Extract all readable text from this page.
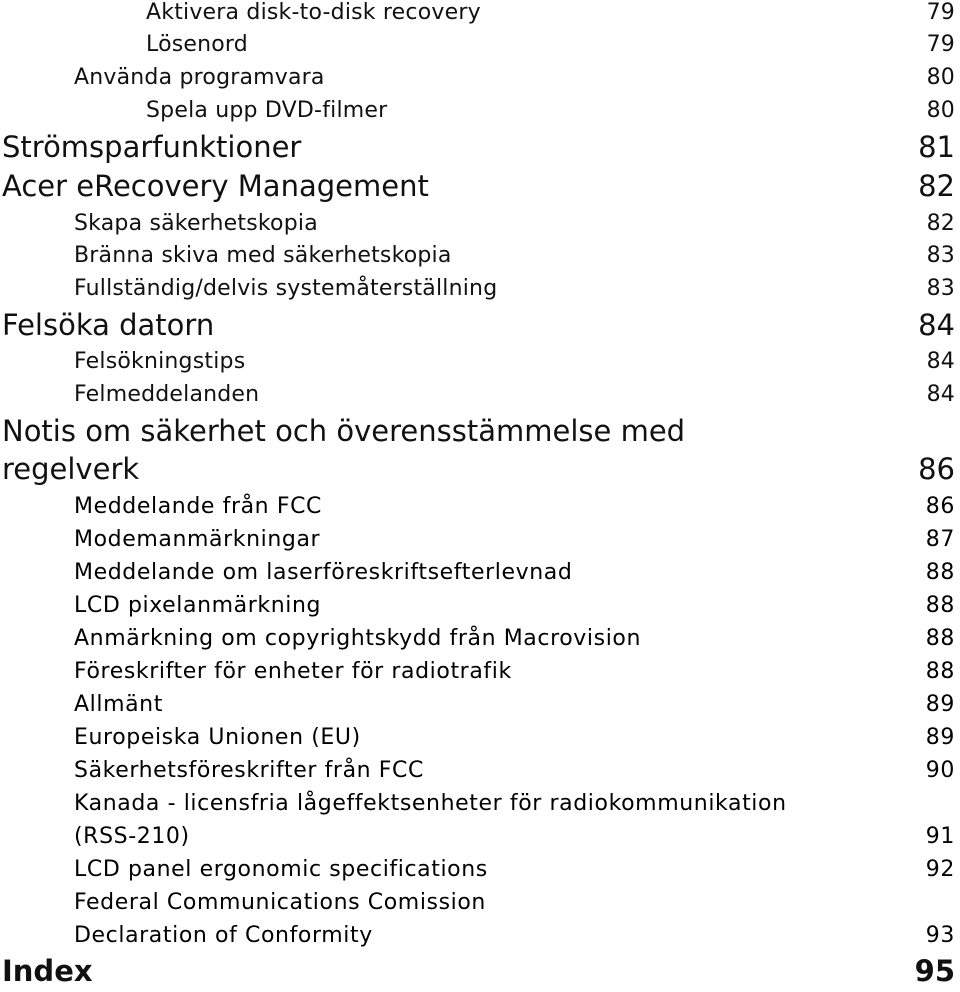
Aktivera disk-to-disk recovery	79
Lösenord	79
Använda programvara	80
Spela upp DVD-filmer	80
Strömsparfunktioner	81
Acer eRecovery Management	82
Skapa säkerhetskopia	82
Bränna skiva med säkerhetskopia	83
Fullständig/delvis systemåterställning	83
Felsöka datorn	84
Felsökningstips	84
Felmeddelanden	84
Notis om säkerhet och överensstämmelse med
regelverk	86
Meddelande från FCC	86
Modemanmärkningar	87
Meddelande om laserföreskriftsefterlevnad	88
LCD pixelanmärkning	88
Anmärkning om copyrightskydd från Macrovision	88
Föreskrifter för enheter för radiotrafik	88
Allmänt	89
Europeiska Unionen (EU)	89
Säkerhetsföreskrifter från FCC	90
Kanada - licensfria lågeffektsenheter för radiokommunikation
(RSS-210)	91
LCD panel ergonomic specifications	92
Federal Communications Comission
Declaration of Conformity	93
Index	95
